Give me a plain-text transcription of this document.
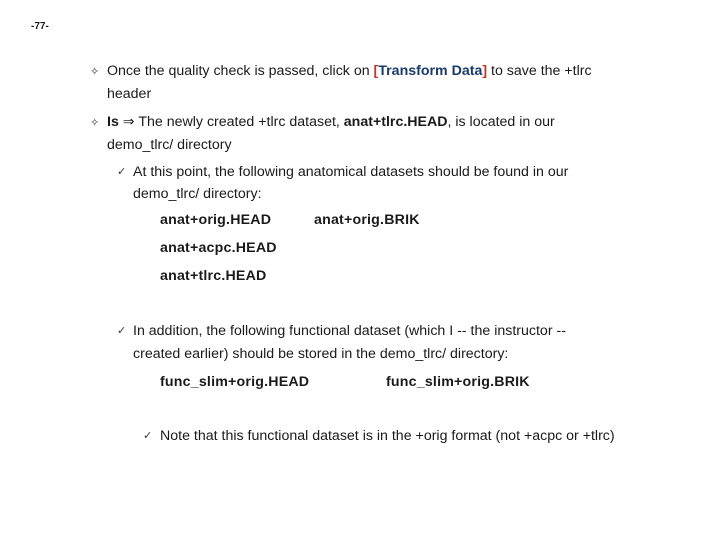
-77-
✧ Once the quality check is passed, click on [Transform Data] to save the +tlrc
header
✧ Is ⇒ The newly created +tlrc dataset, anat+tlrc.HEAD, is located in our
demo_tlrc/ directory
✓ At this point, the following anatomical datasets should be found in our
demo_tlrc/ directory:
anat+orig.HEAD	anat+orig.BRIK
anat+acpc.HEAD
anat+tlrc.HEAD
✓ In addition, the following functional dataset (which I -- the instructor --
created earlier) should be stored in the demo_tlrc/ directory:
func_slim+orig.HEAD	func_slim+orig.BRIK
✓ Note that this functional dataset is in the +orig format (not +acpc or +tlrc)
